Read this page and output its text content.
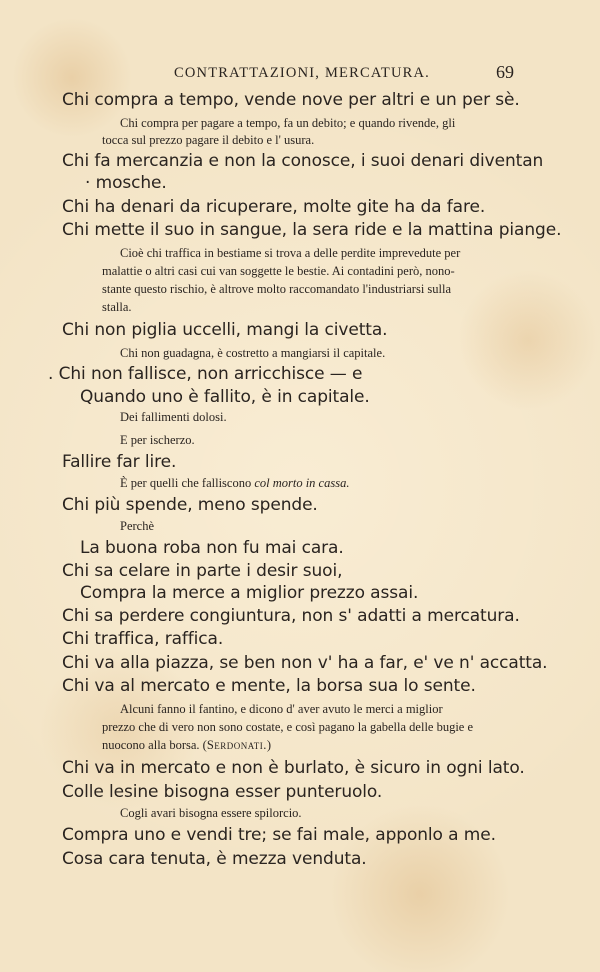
CONTRATTAZIONI, MERCATURA.	69
Chi compra a tempo, vende nove per altri e un per sè.
Chi compra per pagare a tempo, fa un debito; e quando rivende, gli
tocca sul prezzo pagare il debito e l' usura.
Chi fa mercanzia e non la conosce, i suoi denari diventan
· mosche.
Chi ha denari da ricuperare, molte gite ha da fare.
Chi mette il suo in sangue, la sera ride e la mattina piange.
Cioè chi traffica in bestiame si trova a delle perdite imprevedute per
malattie o altri casi cui van soggette le bestie. Ai contadini però, nono-
stante questo rischio, è altrove molto raccomandato l'industriarsi sulla
stalla.
Chi non piglia uccelli, mangi la civetta.
Chi non guadagna, è costretto a mangiarsi il capitale.
. Chi non fallisce, non arricchisce — e
Quando uno è fallito, è in capitale.
Dei fallimenti dolosi.
E per ischerzo.
Fallire far lire.
È per quelli che falliscono col morto in cassa.
Chi più spende, meno spende.
Perchè
La buona roba non fu mai cara.
Chi sa celare in parte i desir suoi,
Compra la merce a miglior prezzo assai.
Chi sa perdere congiuntura, non s' adatti a mercatura.
Chi traffica, raffica.
Chi va alla piazza, se ben non v' ha a far, e' ve n' accatta.
Chi va al mercato e mente, la borsa sua lo sente.
Alcuni fanno il fantino, e dicono d' aver avuto le merci a miglior
prezzo che di vero non sono costate, e così pagano la gabella delle bugie e
nuocono alla borsa. (Serdonati.)
Chi va in mercato e non è burlato, è sicuro in ogni lato.
Colle lesine bisogna esser punteruolo.
Cogli avari bisogna essere spilorcio.
Compra uno e vendi tre; se fai male, apponlo a me.
Cosa cara tenuta, è mezza venduta.
